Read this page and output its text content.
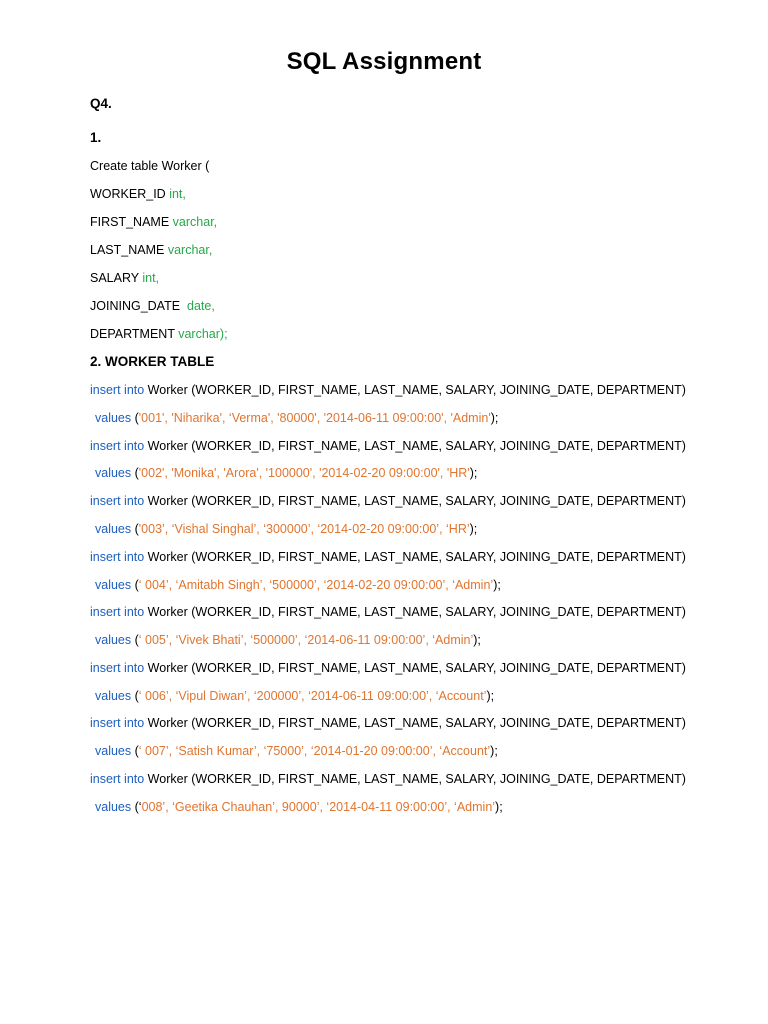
SQL Assignment
Q4.
1.
Create table Worker (
WORKER_ID int,
FIRST_NAME varchar,
LAST_NAME varchar,
SALARY int,
JOINING_DATE date,
DEPARTMENT varchar);
2. WORKER TABLE
insert into Worker (WORKER_ID, FIRST_NAME, LAST_NAME, SALARY, JOINING_DATE, DEPARTMENT)
values ('001', 'Niharika', ‘Verma', '80000', '2014-06-11 09:00:00', 'Admin');
insert into Worker (WORKER_ID, FIRST_NAME, LAST_NAME, SALARY, JOINING_DATE, DEPARTMENT)
values ('002', 'Monika', 'Arora', '100000', '2014-02-20 09:00:00', 'HR');
insert into Worker (WORKER_ID, FIRST_NAME, LAST_NAME, SALARY, JOINING_DATE, DEPARTMENT)
values ('003’, ‘Vishal Singhal’, ‘300000’, ‘2014-02-20 09:00:00’, ‘HR’);
insert into Worker (WORKER_ID, FIRST_NAME, LAST_NAME, SALARY, JOINING_DATE, DEPARTMENT)
values (‘ 004’, ‘Amitabh Singh’, ‘500000’, ‘2014-02-20 09:00:00’, ‘Admin’);
insert into Worker (WORKER_ID, FIRST_NAME, LAST_NAME, SALARY, JOINING_DATE, DEPARTMENT)
values (‘ 005’, ‘Vivek Bhati’, ‘500000’, ‘2014-06-11 09:00:00’, ‘Admin’);
insert into Worker (WORKER_ID, FIRST_NAME, LAST_NAME, SALARY, JOINING_DATE, DEPARTMENT)
values (‘ 006’, ‘Vipul Diwan’, ‘200000’, ‘2014-06-11 09:00:00’, ‘Account’);
insert into Worker (WORKER_ID, FIRST_NAME, LAST_NAME, SALARY, JOINING_DATE, DEPARTMENT)
values (‘ 007’, ‘Satish Kumar’, ‘75000’, ‘2014-01-20 09:00:00’, ‘Account’);
insert into Worker (WORKER_ID, FIRST_NAME, LAST_NAME, SALARY, JOINING_DATE, DEPARTMENT)
values (‘008’, ‘Geetika Chauhan’, 90000’, ‘2014-04-11 09:00:00’, ‘Admin’);
